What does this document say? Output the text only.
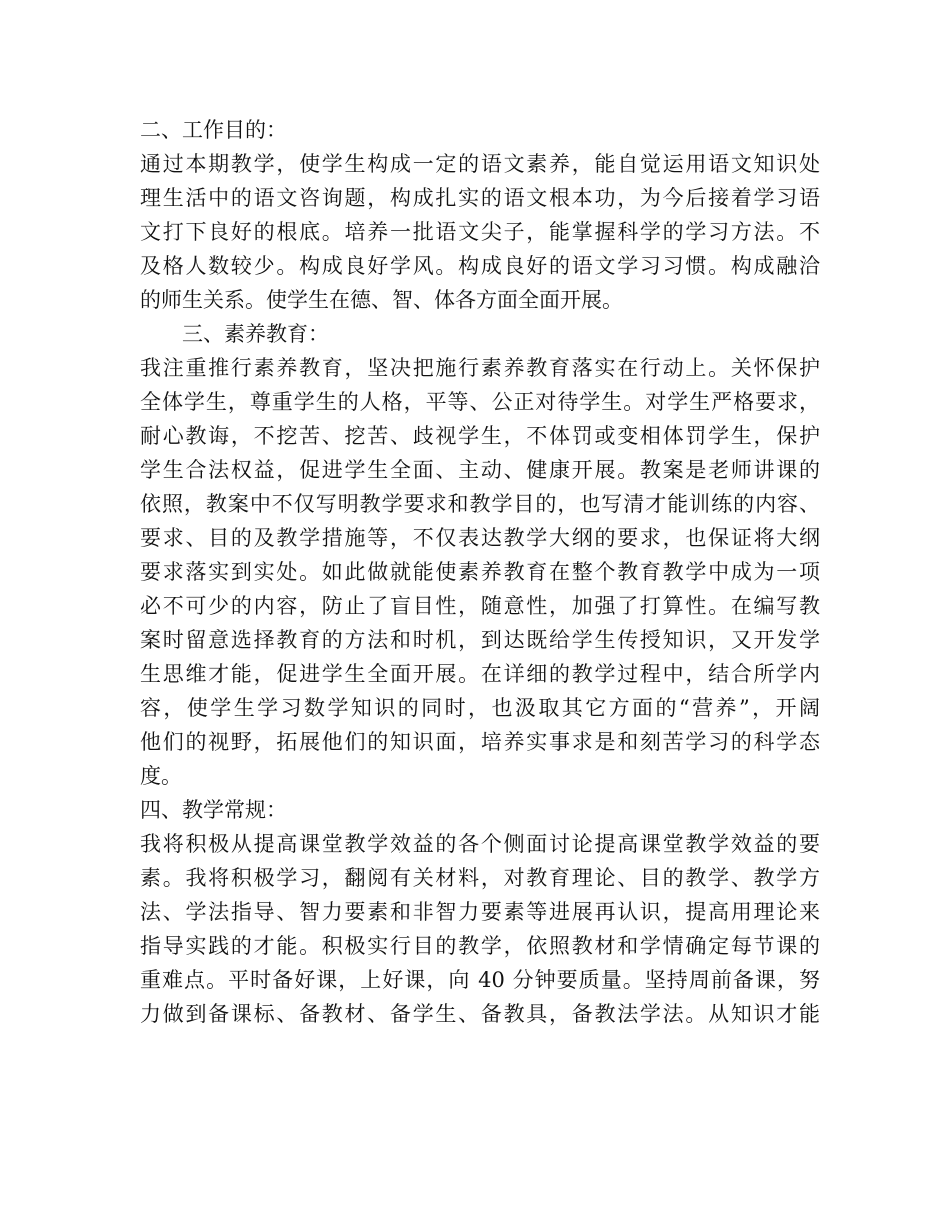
二、工作目的：
通过本期教学，使学生构成一定的语文素养，能自觉运用语文知识处
理生活中的语文咨询题，构成扎实的语文根本功，为今后接着学习语
文打下良好的根底。培养一批语文尖子，能掌握科学的学习方法。不
及格人数较少。构成良好学风。构成良好的语文学习习惯。构成融洽
的师生关系。使学生在德、智、体各方面全面开展。
三、素养教育：
我注重推行素养教育，坚决把施行素养教育落实在行动上。关怀保护
全体学生，尊重学生的人格，平等、公正对待学生。对学生严格要求，
耐心教诲，不挖苦、挖苦、歧视学生，不体罚或变相体罚学生，保护
学生合法权益，促进学生全面、主动、健康开展。教案是老师讲课的
依照，教案中不仅写明教学要求和教学目的，也写清才能训练的内容、
要求、目的及教学措施等，不仅表达教学大纲的要求，也保证将大纲
要求落实到实处。如此做就能使素养教育在整个教育教学中成为一项
必不可少的内容，防止了盲目性，随意性，加强了打算性。在编写教
案时留意选择教育的方法和时机，到达既给学生传授知识，又开发学
生思维才能，促进学生全面开展。在详细的教学过程中，结合所学内
容，使学生学习数学知识的同时，也汲取其它方面的“营养”，开阔
他们的视野，拓展他们的知识面，培养实事求是和刻苦学习的科学态
度。
四、教学常规：
我将积极从提高课堂教学效益的各个侧面讨论提高课堂教学效益的要
素。我将积极学习，翻阅有关材料，对教育理论、目的教学、教学方
法、学法指导、智力要素和非智力要素等进展再认识，提高用理论来
指导实践的才能。积极实行目的教学，依照教材和学情确定每节课的
重难点。平时备好课，上好课，向 40 分钟要质量。坚持周前备课，努
力做到备课标、备教材、备学生、备教具，备教法学法。从知识才能
